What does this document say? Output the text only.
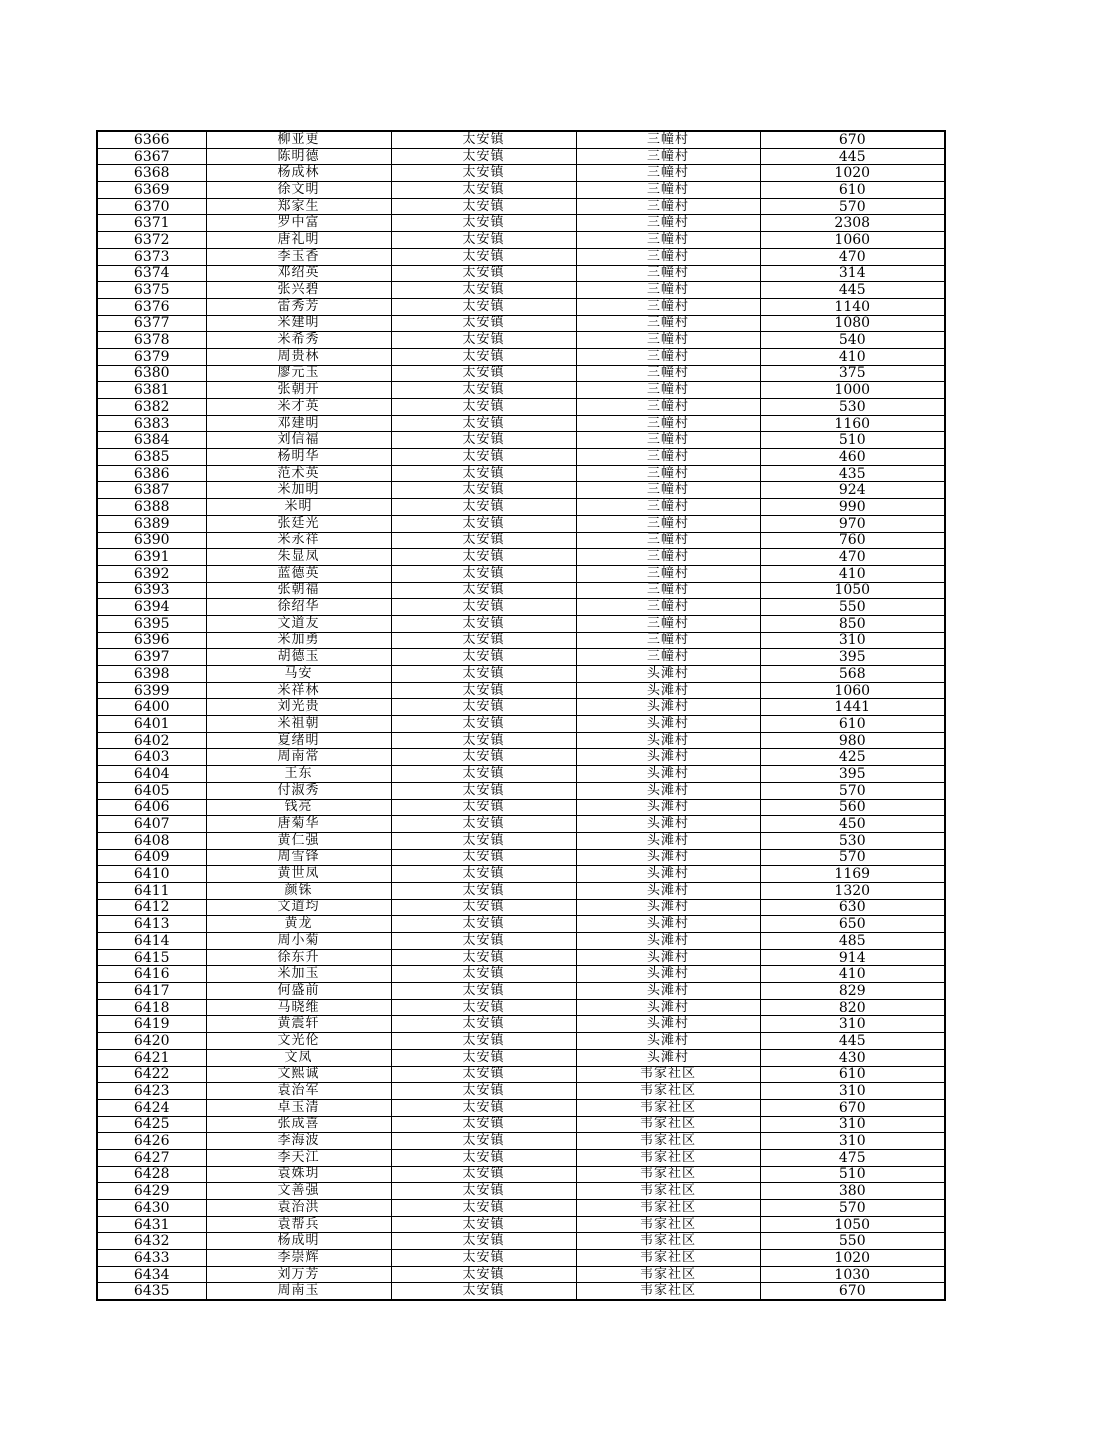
6366	柳亚更	太安镇	三幢村	670
6367	陈明德	太安镇	三幢村	445
6368	杨成林	太安镇	三幢村	1020
6369	徐文明	太安镇	三幢村	610
6370	郑家生	太安镇	三幢村	570
6371	罗中富	太安镇	三幢村	2308
6372	唐礼明	太安镇	三幢村	1060
6373	李玉香	太安镇	三幢村	470
6374	邓绍英	太安镇	三幢村	314
6375	张兴碧	太安镇	三幢村	445
6376	雷秀芳	太安镇	三幢村	1140
6377	米建明	太安镇	三幢村	1080
6378	米希秀	太安镇	三幢村	540
6379	周贵林	太安镇	三幢村	410
6380	廖元玉	太安镇	三幢村	375
6381	张朝开	太安镇	三幢村	1000
6382	米才英	太安镇	三幢村	530
6383	邓建明	太安镇	三幢村	1160
6384	刘信福	太安镇	三幢村	510
6385	杨明华	太安镇	三幢村	460
6386	范术英	太安镇	三幢村	435
6387	米加明	太安镇	三幢村	924
6388	米明	太安镇	三幢村	990
6389	张廷光	太安镇	三幢村	970
6390	米永祥	太安镇	三幢村	760
6391	朱显凤	太安镇	三幢村	470
6392	蓝德英	太安镇	三幢村	410
6393	张朝福	太安镇	三幢村	1050
6394	徐绍华	太安镇	三幢村	550
6395	文道友	太安镇	三幢村	850
6396	米加勇	太安镇	三幢村	310
6397	胡德玉	太安镇	三幢村	395
6398	马安	太安镇	头滩村	568
6399	米祥林	太安镇	头滩村	1060
6400	刘光贵	太安镇	头滩村	1441
6401	米祖朝	太安镇	头滩村	610
6402	夏绪明	太安镇	头滩村	980
6403	周南常	太安镇	头滩村	425
6404	王东	太安镇	头滩村	395
6405	付淑秀	太安镇	头滩村	570
6406	钱亮	太安镇	头滩村	560
6407	唐菊华	太安镇	头滩村	450
6408	黄仁强	太安镇	头滩村	530
6409	周雪锋	太安镇	头滩村	570
6410	黄世凤	太安镇	头滩村	1169
6411	颜铢	太安镇	头滩村	1320
6412	文道均	太安镇	头滩村	630
6413	黄龙	太安镇	头滩村	650
6414	周小菊	太安镇	头滩村	485
6415	徐东升	太安镇	头滩村	914
6416	米加玉	太安镇	头滩村	410
6417	何盛前	太安镇	头滩村	829
6418	马晓维	太安镇	头滩村	820
6419	黄震轩	太安镇	头滩村	310
6420	文光伦	太安镇	头滩村	445
6421	文凤	太安镇	头滩村	430
6422	文熙诚	太安镇	韦家社区	610
6423	袁治军	太安镇	韦家社区	310
6424	卓玉清	太安镇	韦家社区	670
6425	张成喜	太安镇	韦家社区	310
6426	李海波	太安镇	韦家社区	310
6427	李天江	太安镇	韦家社区	475
6428	袁姝玥	太安镇	韦家社区	510
6429	文善强	太安镇	韦家社区	380
6430	袁治洪	太安镇	韦家社区	570
6431	袁帮兵	太安镇	韦家社区	1050
6432	杨成明	太安镇	韦家社区	550
6433	李崇辉	太安镇	韦家社区	1020
6434	刘万芳	太安镇	韦家社区	1030
6435	周南玉	太安镇	韦家社区	670
